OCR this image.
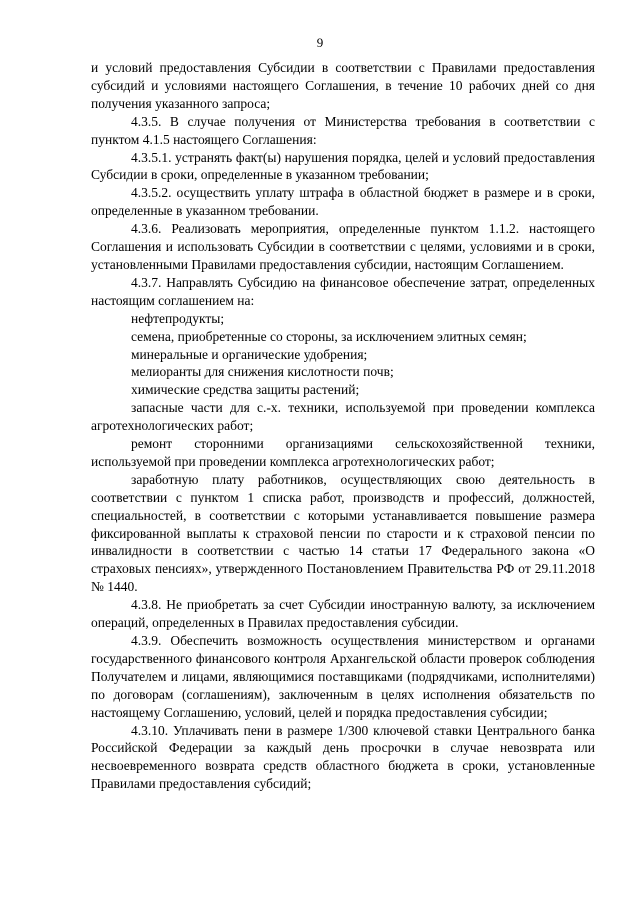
9

и условий предоставления Субсидии в соответствии с Правилами предоставления субсидий и условиями настоящего Соглашения, в течение 10 рабочих дней со дня получения указанного запроса;

4.3.5. В случае получения от Министерства требования в соответствии с пунктом 4.1.5 настоящего Соглашения:

4.3.5.1. устранять факт(ы) нарушения порядка, целей и условий предоставления Субсидии в сроки, определенные в указанном требовании;

4.3.5.2. осуществить уплату штрафа в областной бюджет в размере и в сроки, определенные в указанном требовании.

4.3.6. Реализовать мероприятия, определенные пунктом 1.1.2. настоящего Соглашения и использовать Субсидии в соответствии с целями, условиями и в сроки, установленными Правилами предоставления субсидии, настоящим Соглашением.

4.3.7. Направлять Субсидию на финансовое обеспечение затрат, определенных настоящим соглашением на:

нефтепродукты;

семена, приобретенные со стороны, за исключением элитных семян;

минеральные и органические удобрения;

мелиоранты для снижения кислотности почв;

химические средства защиты растений;

запасные части для с.-х. техники, используемой при проведении комплекса агротехнологических работ;

ремонт сторонними организациями сельскохозяйственной техники, используемой при проведении комплекса агротехнологических работ;

заработную плату работников, осуществляющих свою деятельность в соответствии с пунктом 1 списка работ, производств и профессий, должностей, специальностей, в соответствии с которыми устанавливается повышение размера фиксированной выплаты к страховой пенсии по старости и к страховой пенсии по инвалидности в соответствии с частью 14 статьи 17 Федерального закона «О страховых пенсиях», утвержденного Постановлением Правительства РФ от 29.11.2018 № 1440.

4.3.8. Не приобретать за счет Субсидии иностранную валюту, за исключением операций, определенных в Правилах предоставления субсидии.

4.3.9. Обеспечить возможность осуществления министерством и органами государственного финансового контроля Архангельской области проверок соблюдения Получателем и лицами, являющимися поставщиками (подрядчиками, исполнителями) по договорам (соглашениям), заключенным в целях исполнения обязательств по настоящему Соглашению, условий, целей и порядка предоставления субсидии;

4.3.10. Уплачивать пени в размере 1/300 ключевой ставки Центрального банка Российской Федерации за каждый день просрочки в случае невозврата или несвоевременного возврата средств областного бюджета в сроки, установленные Правилами предоставления субсидий;
